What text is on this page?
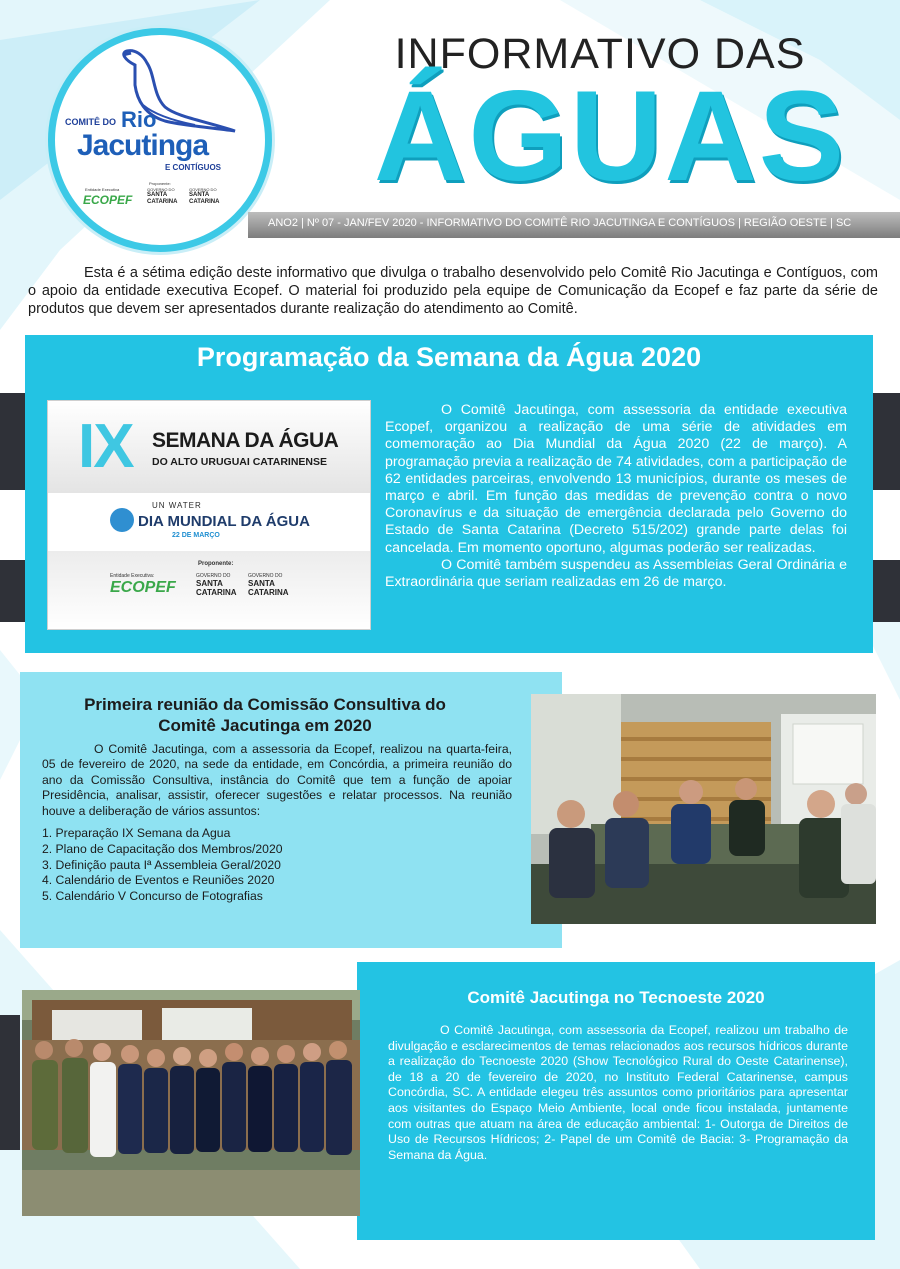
COMITÊ DO Rio
Jacutinga
E CONTÍGUOS
Entidade Executiva
ECOPEF
Proponente:
GOVERNO DO
SANTA CATARINA
GOVERNO DO
SANTA CATARINA
INFORMATIVO DAS
ÁGUAS
ANO2 | Nº 07 - JAN/FEV 2020 - INFORMATIVO DO COMITÊ RIO JACUTINGA E CONTÍGUOS | REGIÃO OESTE | SC
Esta é a sétima edição deste informativo que divulga o trabalho desenvolvido pelo Comitê Rio Jacutinga e Contíguos, com o apoio da entidade executiva Ecopef. O material foi produzido pela equipe de Comunicação da Ecopef e faz parte da série de produtos que devem ser apresentados durante realização do atendimento ao Comitê.
Programação da Semana da Água 2020
IX SEMANA DA ÁGUA
DO ALTO URUGUAI CATARINENSE
UN WATER
DIA MUNDIAL DA ÁGUA
22 DE MARÇO
Entidade Executiva:
ECOPEF
Proponente:
GOVERNO DO
SANTA CATARINA
GOVERNO DO
SANTA CATARINA

O Comitê Jacutinga, com assessoria da entidade executiva Ecopef, organizou a realização de uma série de atividades em comemoração ao Dia Mundial da Água 2020 (22 de março). A programação previa a realização de 74 atividades, com a participação de 62 entidades parceiras, envolvendo 13 municípios, durante os meses de março e abril. Em função das medidas de prevenção contra o novo Coronavírus e da situação de emergência declarada pelo Governo do Estado de Santa Catarina (Decreto 515/202) grande parte delas foi cancelada. Em momento oportuno, algumas poderão ser realizadas.

O Comitê também suspendeu as Assembleias Geral Ordinária e Extraordinária que seriam realizadas em 26 de março.

Primeira reunião da Comissão Consultiva do
Comitê Jacutinga em 2020

O Comitê Jacutinga, com a assessoria da Ecopef, realizou na quarta-feira, 05 de fevereiro de 2020, na sede da entidade, em Concórdia, a primeira reunião do ano da Comissão Consultiva, instância do Comitê que tem a função de apoiar Presidência, analisar, assistir, oferecer sugestões e relatar processos. Na reunião houve a deliberação de vários assuntos:

1. Preparação IX Semana da Agua
2. Plano de Capacitação dos Membros/2020
3. Definição pauta Iª Assembleia Geral/2020
4. Calendário de Eventos e Reuniões 2020
5. Calendário V Concurso de Fotografias
Comitê Jacutinga no Tecnoeste 2020

O Comitê Jacutinga, com assessoria da Ecopef, realizou um trabalho de divulgação e esclarecimentos de temas relacionados aos recursos hídricos durante a realização do Tecnoeste 2020 (Show Tecnológico Rural do Oeste Catarinense), de 18 a 20 de fevereiro de 2020, no Instituto Federal Catarinense, campus Concórdia, SC. A entidade elegeu três assuntos como prioritários para apresentar aos visitantes do Espaço Meio Ambiente, local onde ficou instalada, juntamente com outras que atuam na área de educação ambiental: 1- Outorga de Direitos de Uso de Recursos Hídricos; 2- Papel de um Comitê de Bacia: 3- Programação da Semana da Água.
